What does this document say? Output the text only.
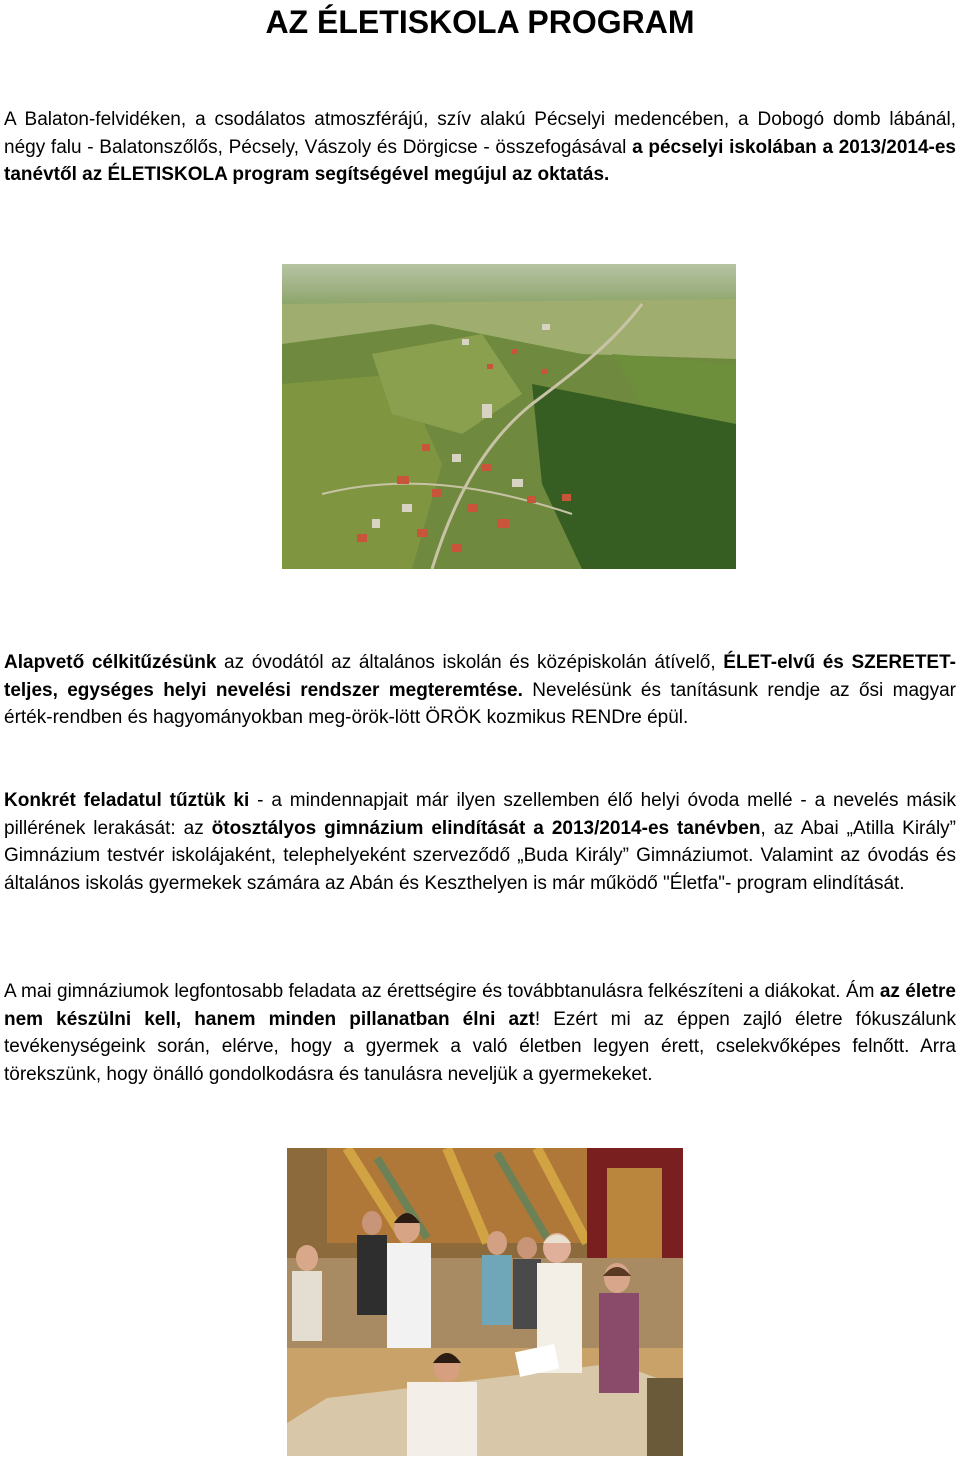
AZ ÉLETISKOLA PROGRAM

A Balaton-felvidéken, a csodálatos atmoszférájú, szív alakú Pécselyi medencében, a Dobogó domb lábánál, négy falu - Balatonszőlős, Pécsely, Vászoly és Dörgicse - összefogásával a pécselyi iskolában a 2013/2014-es tanévtől az ÉLETISKOLA program segítségével megújul az oktatás.

Alapvető célkitűzésünk az óvodától az általános iskolán és középiskolán átívelő, ÉLET-elvű és SZERETET-teljes, egységes helyi nevelési rendszer megteremtése. Nevelésünk és tanításunk rendje az ősi magyar érték-rendben és hagyományokban meg-örök-lött ÖRÖK kozmikus RENDre épül.

Konkrét feladatul tűztük ki - a mindennapjait már ilyen szellemben élő helyi óvoda mellé - a nevelés másik pillérének lerakását: az ötosztályos gimnázium elindítását a 2013/2014-es tanévben, az Abai „Atilla Király” Gimnázium testvér iskolájaként, telephelyeként szerveződő „Buda Király” Gimnáziumot. Valamint az óvodás és általános iskolás gyermekek számára az Abán és Keszthelyen is már működő "Életfa"- program elindítását.

A mai gimnáziumok legfontosabb feladata az érettségire és továbbtanulásra felkészíteni a diákokat. Ám az életre nem készülni kell, hanem minden pillanatban élni azt! Ezért mi az éppen zajló életre fókuszálunk tevékenységeink során, elérve, hogy a gyermek a való életben legyen érett, cselekvőképes felnőtt. Arra törekszünk, hogy önálló gondolkodásra és tanulásra neveljük a gyermekeket.
